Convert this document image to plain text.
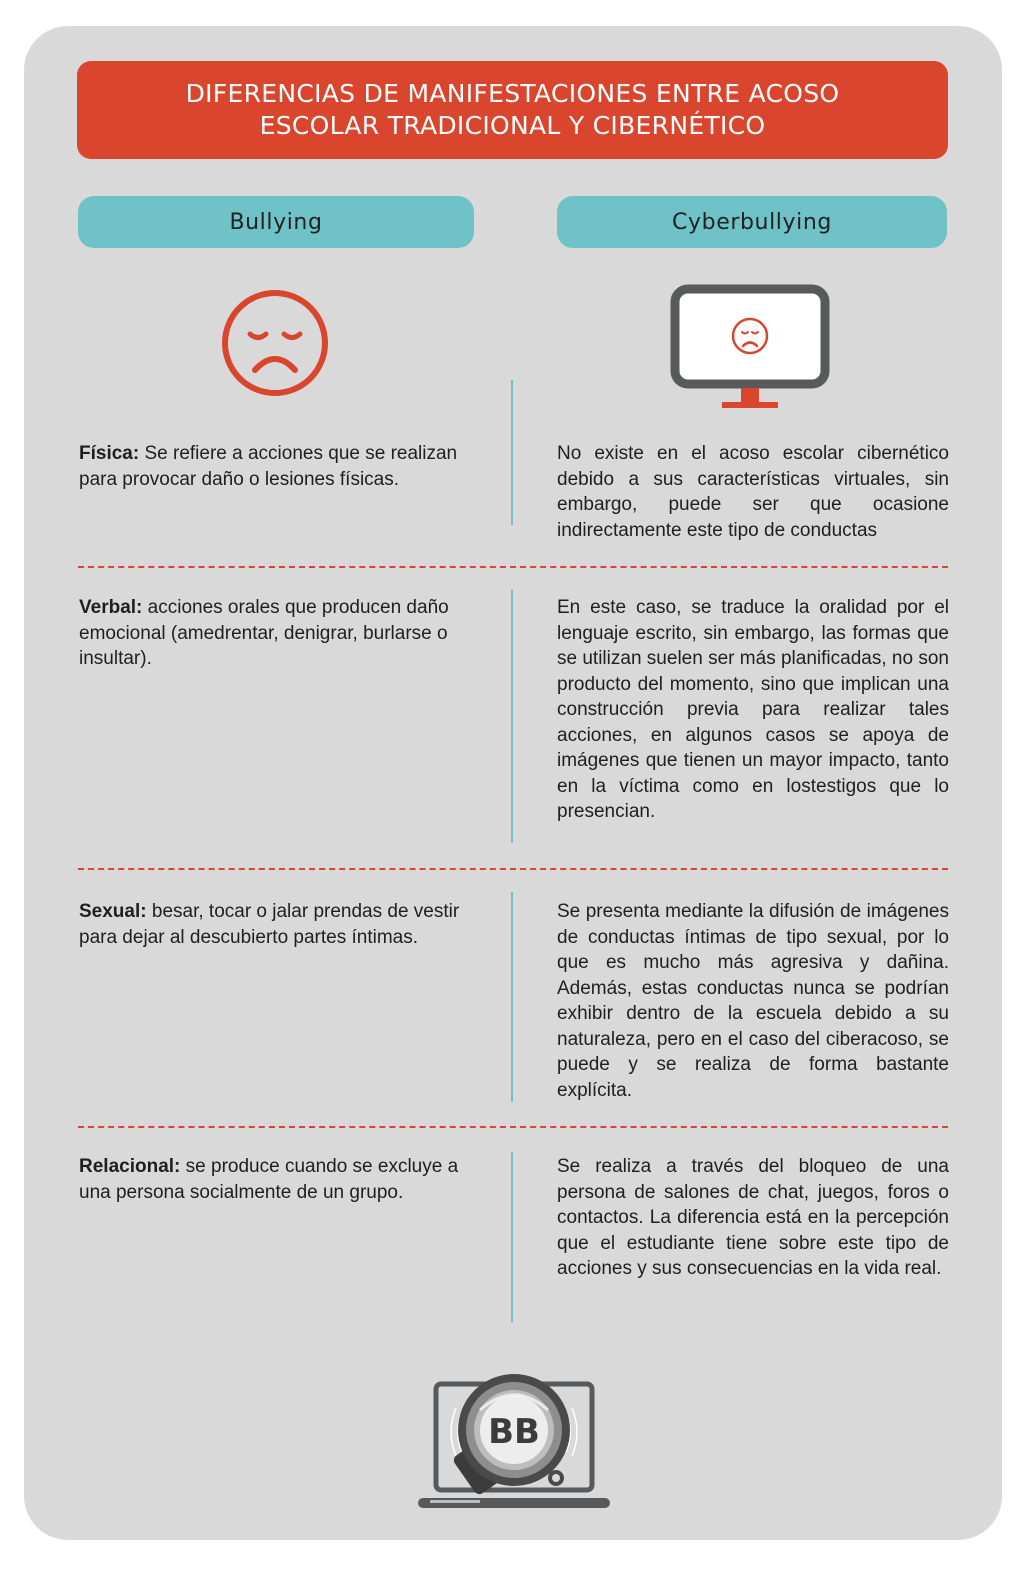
DIFERENCIAS DE MANIFESTACIONES ENTRE ACOSO ESCOLAR TRADICIONAL Y CIBERNÉTICO
Bullying	Cyberbullying
Física: Se refiere a acciones que se realizan para provocar daño o lesiones físicas.
No existe en el acoso escolar cibernético debido a sus características virtuales, sin embargo, puede ser que ocasione indirectamente este tipo de conductas
Verbal: acciones orales que producen daño emocional (amedrentar, denigrar, burlarse o insultar).
En este caso, se traduce la oralidad por el lenguaje escrito, sin embargo, las formas que se utilizan suelen ser más planificadas, no son producto del momento, sino que implican una construcción previa para realizar tales acciones, en algunos casos se apoya de imágenes que tienen un mayor impacto, tanto en la víctima como en lostestigos que lo presencian.
Sexual: besar, tocar o jalar prendas de vestir para dejar al descubierto partes íntimas.
Se presenta mediante la difusión de imágenes de conductas íntimas de tipo sexual, por lo que es mucho más agresiva y dañina. Además, estas conductas nunca se podrían exhibir dentro de la escuela debido a su naturaleza, pero en el caso del ciberacoso, se puede y se realiza de forma bastante explícita.
Relacional: se produce cuando se excluye a una persona socialmente de un grupo.
Se realiza a través del bloqueo de una persona de salones de chat, juegos, foros o contactos. La diferencia está en la percepción que el estudiante tiene sobre este tipo de acciones y sus consecuencias en la vida real.
BB
